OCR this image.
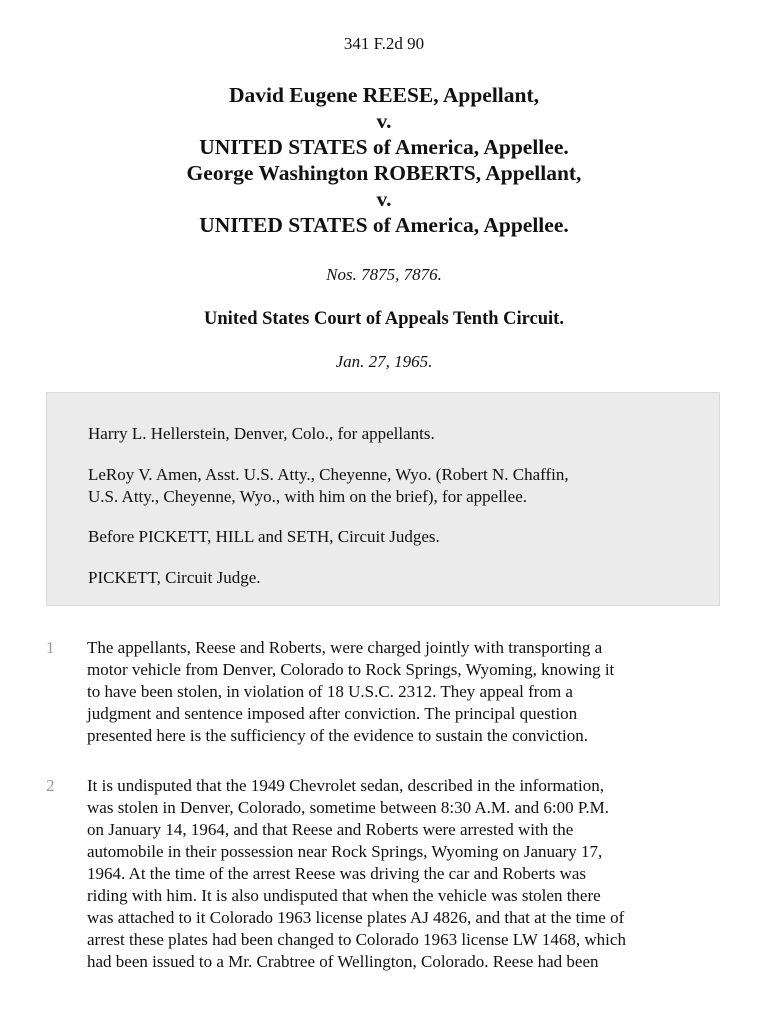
341 F.2d 90
David Eugene REESE, Appellant,
v.
UNITED STATES of America, Appellee.
George Washington ROBERTS, Appellant,
v.
UNITED STATES of America, Appellee.
Nos. 7875, 7876.
United States Court of Appeals Tenth Circuit.
Jan. 27, 1965.

Harry L. Hellerstein, Denver, Colo., for appellants.

LeRoy V. Amen, Asst. U.S. Atty., Cheyenne, Wyo. (Robert N. Chaffin,
U.S. Atty., Cheyenne, Wyo., with him on the brief), for appellee.

Before PICKETT, HILL and SETH, Circuit Judges.

PICKETT, Circuit Judge.

1 The appellants, Reese and Roberts, were charged jointly with transporting a
motor vehicle from Denver, Colorado to Rock Springs, Wyoming, knowing it
to have been stolen, in violation of 18 U.S.C. 2312. They appeal from a
judgment and sentence imposed after conviction. The principal question
presented here is the sufficiency of the evidence to sustain the conviction.

2 It is undisputed that the 1949 Chevrolet sedan, described in the information,
was stolen in Denver, Colorado, sometime between 8:30 A.M. and 6:00 P.M.
on January 14, 1964, and that Reese and Roberts were arrested with the
automobile in their possession near Rock Springs, Wyoming on January 17,
1964. At the time of the arrest Reese was driving the car and Roberts was
riding with him. It is also undisputed that when the vehicle was stolen there
was attached to it Colorado 1963 license plates AJ 4826, and that at the time of
arrest these plates had been changed to Colorado 1963 license LW 1468, which
had been issued to a Mr. Crabtree of Wellington, Colorado. Reese had been
